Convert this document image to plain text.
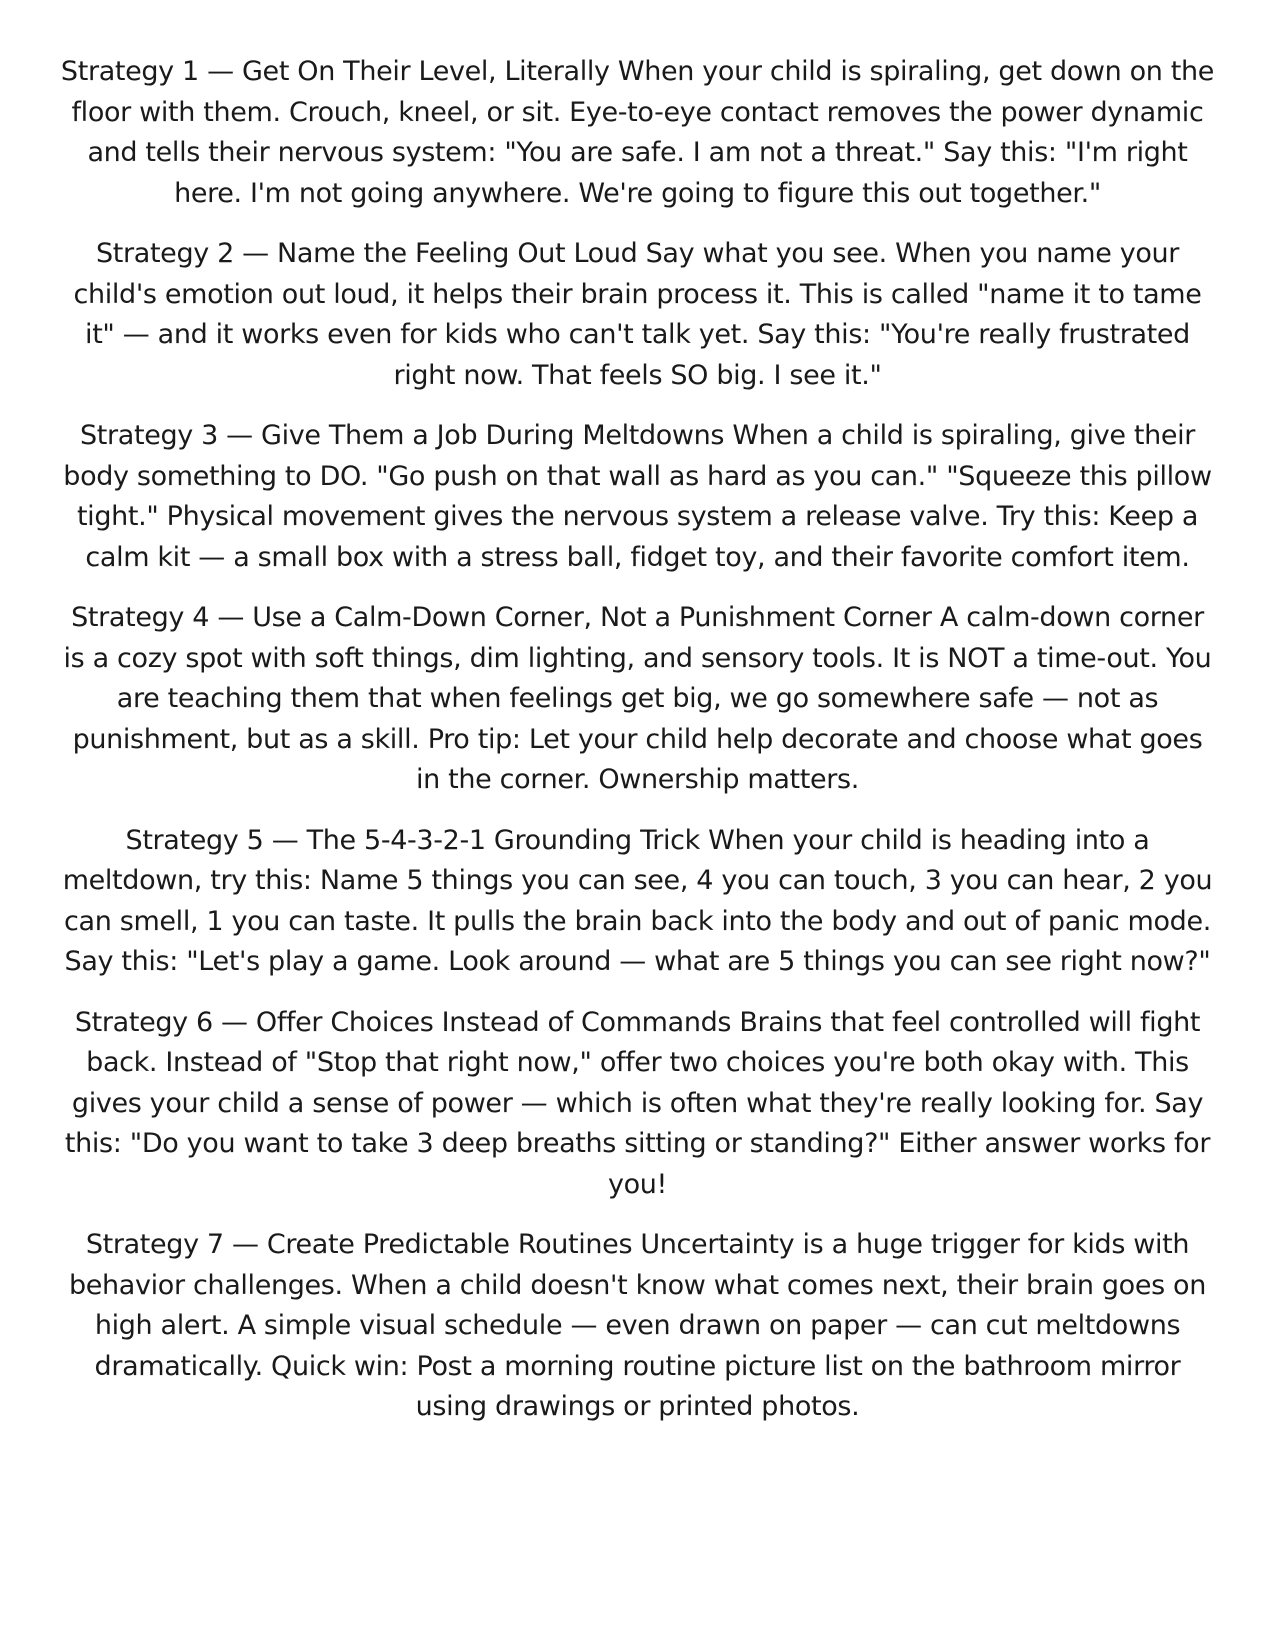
Strategy 1 — Get On Their Level, Literally When your child is spiraling, get down on the floor with them. Crouch, kneel, or sit. Eye-to-eye contact removes the power dynamic and tells their nervous system: "You are safe. I am not a threat." Say this: "I'm right here. I'm not going anywhere. We're going to figure this out together."

Strategy 2 — Name the Feeling Out Loud Say what you see. When you name your child's emotion out loud, it helps their brain process it. This is called "name it to tame it" — and it works even for kids who can't talk yet. Say this: "You're really frustrated right now. That feels SO big. I see it."

Strategy 3 — Give Them a Job During Meltdowns When a child is spiraling, give their body something to DO. "Go push on that wall as hard as you can." "Squeeze this pillow tight." Physical movement gives the nervous system a release valve. Try this: Keep a calm kit — a small box with a stress ball, fidget toy, and their favorite comfort item.

Strategy 4 — Use a Calm-Down Corner, Not a Punishment Corner A calm-down corner is a cozy spot with soft things, dim lighting, and sensory tools. It is NOT a time-out. You are teaching them that when feelings get big, we go somewhere safe — not as punishment, but as a skill. Pro tip: Let your child help decorate and choose what goes in the corner. Ownership matters.

Strategy 5 — The 5-4-3-2-1 Grounding Trick When your child is heading into a meltdown, try this: Name 5 things you can see, 4 you can touch, 3 you can hear, 2 you can smell, 1 you can taste. It pulls the brain back into the body and out of panic mode. Say this: "Let's play a game. Look around — what are 5 things you can see right now?"

Strategy 6 — Offer Choices Instead of Commands Brains that feel controlled will fight back. Instead of "Stop that right now," offer two choices you're both okay with. This gives your child a sense of power — which is often what they're really looking for. Say this: "Do you want to take 3 deep breaths sitting or standing?" Either answer works for you!

Strategy 7 — Create Predictable Routines Uncertainty is a huge trigger for kids with behavior challenges. When a child doesn't know what comes next, their brain goes on high alert. A simple visual schedule — even drawn on paper — can cut meltdowns dramatically. Quick win: Post a morning routine picture list on the bathroom mirror using drawings or printed photos.
